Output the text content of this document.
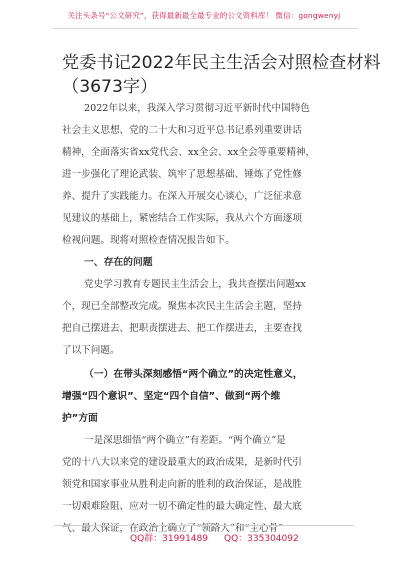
关注头条号“公文研究”，获得最新最全最专业的公文资料库！ 微信：gongwenyj
党委书记2022年民主生活会对照检查材料
（3673字）
2022年以来，我深入学习贯彻习近平新时代中国特色
社会主义思想、党的二十大和习近平总书记系列重要讲话
精神，全面落实省xx党代会、xx全会、xx全会等重要精神，
进一步强化了理论武装、筑牢了思想基础、锤炼了党性修
养、提升了实践能力。在深入开展交心谈心，广泛征求意
见建议的基础上，紧密结合工作实际，我从六个方面逐项
检视问题。现将对照检查情况报告如下。
一、存在的问题
党史学习教育专题民主生活会上，我共查摆出问题xx
个，现已全部整改完成。聚焦本次民主生活会主题，坚持
把自己摆进去、把职责摆进去、把工作摆进去，主要查找
了以下问题。
（一）在带头深刻感悟“两个确立”的决定性意义，
增强“四个意识”、坚定“四个自信”、做到“两个维
护”方面
一是深思细悟“两个确立”有差距。“两个确立”是
党的十八大以来党的建设最重大的政治成果，是新时代引
领党和国家事业从胜利走向新的胜利的政治保证，是战胜
一切艰难险阻、应对一切不确定性的最大确定性、最大底
气、最大保证，在政治上确立了“领路人”和“主心骨”
QQ群：31991489 QQ：335304092
